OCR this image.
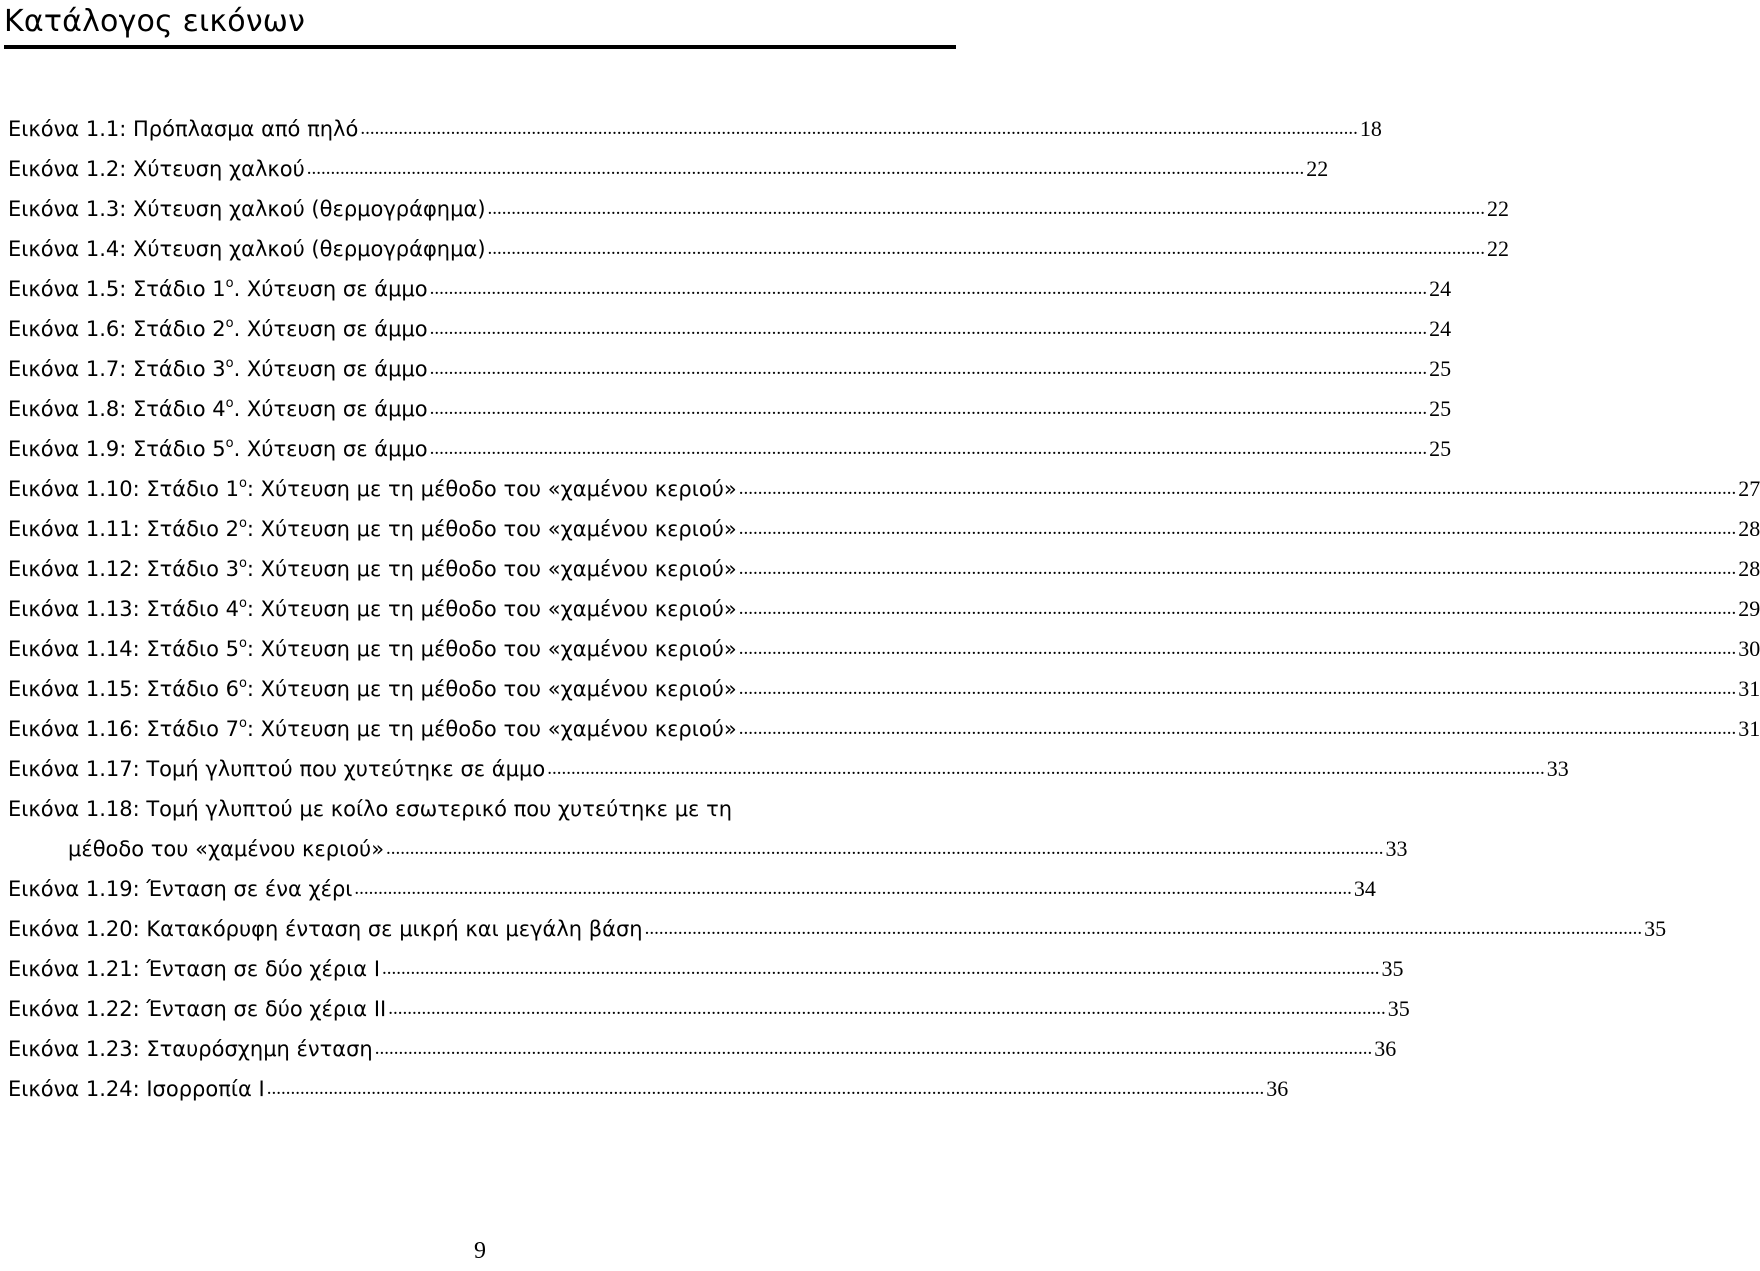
Κατάλογος εικόνων
Εικόνα 1.1: Πρόπλασμα από πηλό .................................................................................................................................................................................................................. 18
Εικόνα 1.2: Χύτευση χαλκού .................................................................................................................................................................................................................. 22
Εικόνα 1.3: Χύτευση χαλκού (θερμογράφημα) .................................................................................................................................................................................................................. 22
Εικόνα 1.4: Χύτευση χαλκού (θερμογράφημα) .................................................................................................................................................................................................................. 22
Εικόνα 1.5: Στάδιο $1^o$. Χύτευση σε άμμο .................................................................................................................................................................................................................. 24
Εικόνα 1.6: Στάδιο $2^o$. Χύτευση σε άμμο .................................................................................................................................................................................................................. 24
Εικόνα 1.7: Στάδιο $3^o$. Χύτευση σε άμμο .................................................................................................................................................................................................................. 25
Εικόνα 1.8: Στάδιο $4^o$. Χύτευση σε άμμο .................................................................................................................................................................................................................. 25
Εικόνα 1.9: Στάδιο $5^o$. Χύτευση σε άμμο .................................................................................................................................................................................................................. 25
Εικόνα 1.10: Στάδιο $1^o$: Χύτευση με τη μέθοδο του «χαμένου κεριού» .................................................................................................................................................................................................................. 27
Εικόνα 1.11: Στάδιο $2^o$: Χύτευση με τη μέθοδο του «χαμένου κεριού» .................................................................................................................................................................................................................. 28
Εικόνα 1.12: Στάδιο $3^o$: Χύτευση με τη μέθοδο του «χαμένου κεριού» .................................................................................................................................................................................................................. 28
Εικόνα 1.13: Στάδιο $4^o$: Χύτευση με τη μέθοδο του «χαμένου κεριού» .................................................................................................................................................................................................................. 29
Εικόνα 1.14: Στάδιο $5^o$: Χύτευση με τη μέθοδο του «χαμένου κεριού» .................................................................................................................................................................................................................. 30
Εικόνα 1.15: Στάδιο $6^o$: Χύτευση με τη μέθοδο του «χαμένου κεριού» .................................................................................................................................................................................................................. 31
Εικόνα 1.16: Στάδιο $7^o$: Χύτευση με τη μέθοδο του «χαμένου κεριού» .................................................................................................................................................................................................................. 31
Εικόνα 1.17: Τομή γλυπτού που χυτεύτηκε σε άμμο .................................................................................................................................................................................................................. 33
Εικόνα 1.18: Τομή γλυπτού με κοίλο εσωτερικό που χυτεύτηκε με τη
μέθοδο του «χαμένου κεριού» .................................................................................................................................................................................................................. 33
Εικόνα 1.19: Ένταση σε ένα χέρι .................................................................................................................................................................................................................. 34
Εικόνα 1.20: Κατακόρυφη ένταση σε μικρή και μεγάλη βάση .................................................................................................................................................................................................................. 35
Εικόνα 1.21: Ένταση σε δύο χέρια Ι .................................................................................................................................................................................................................. 35
Εικόνα 1.22: Ένταση σε δύο χέρια ΙΙ .................................................................................................................................................................................................................. 35
Εικόνα 1.23: Σταυρόσχημη ένταση .................................................................................................................................................................................................................. 36
Εικόνα 1.24: Ισορροπία Ι .................................................................................................................................................................................................................. 36
9
